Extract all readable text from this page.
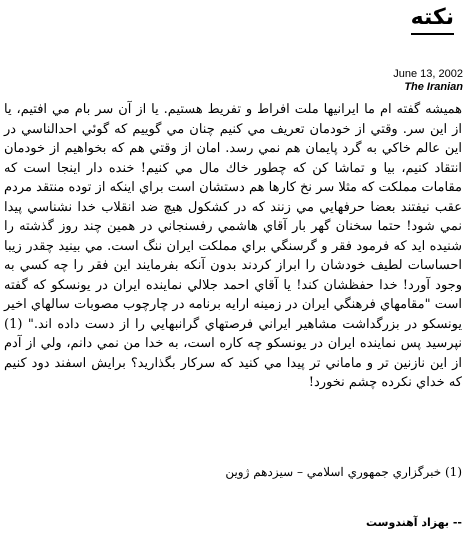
نکته
June 13, 2002
The Iranian

هميشه گفته ام ما ايرانيها ملت افراط و تفريط هستيم. يا از آن سر بام مي افتيم، يا از اين سر. وقتي از خودمان تعريف مي كنيم چنان مي گوييم كه گوئي احدالناسي در اين عالم خاكي به گرد پايمان هم نمي رسد. امان از وقتي هم كه بخواهيم از خودمان انتقاد كنيم، بيا و تماشا كن كه چطور خاك مال مي كنيم! خنده دار اينجا است كه مقامات مملكت كه مثلا سر نخ كارها هم دستشان است براي اينكه از توده منتقد مردم عقب نيفتند بعضا حرفهايي مي زنند كه در كشكول هيچ ضد انقلاب خدا نشناسي پيدا نمي شود! حتما سخنان گهر بار آقاي هاشمي رفسنجاني در همين چند روز گذشته را شنيده ايد كه فرمود فقر و گرسنگي براي مملكت ايران ننگ است. مي بينيد چقدر زيبا احساسات لطيف خودشان را ابراز كردند بدون آنكه بفرمايند اين فقر را چه كسي به وجود آورد! خدا حفظشان كند! يا آقاي احمد جلالي نماينده ايران در يونسكو كه گفته است "مقامهاي فرهنگي ايران در زمينه ارايه برنامه در چارچوب مصوبات سالهاي اخير يونسكو در بزرگداشت مشاهير ايراني فرصتهاي گرانبهايي را از دست داده اند." (1) نپرسيد پس نماينده ايران در يونسكو چه كاره است، به خدا من نمي دانم، ولي از آدم از اين نازنين تر و ماماني تر پيدا مي كنيد كه سركار بگذاريد؟ برايش اسفند دود كنيم كه خداي نكرده چشم نخورد!

(1) خبرگزاري جمهوري اسلامي – سيزدهم ژوين
-- بهزاد آهندوست
